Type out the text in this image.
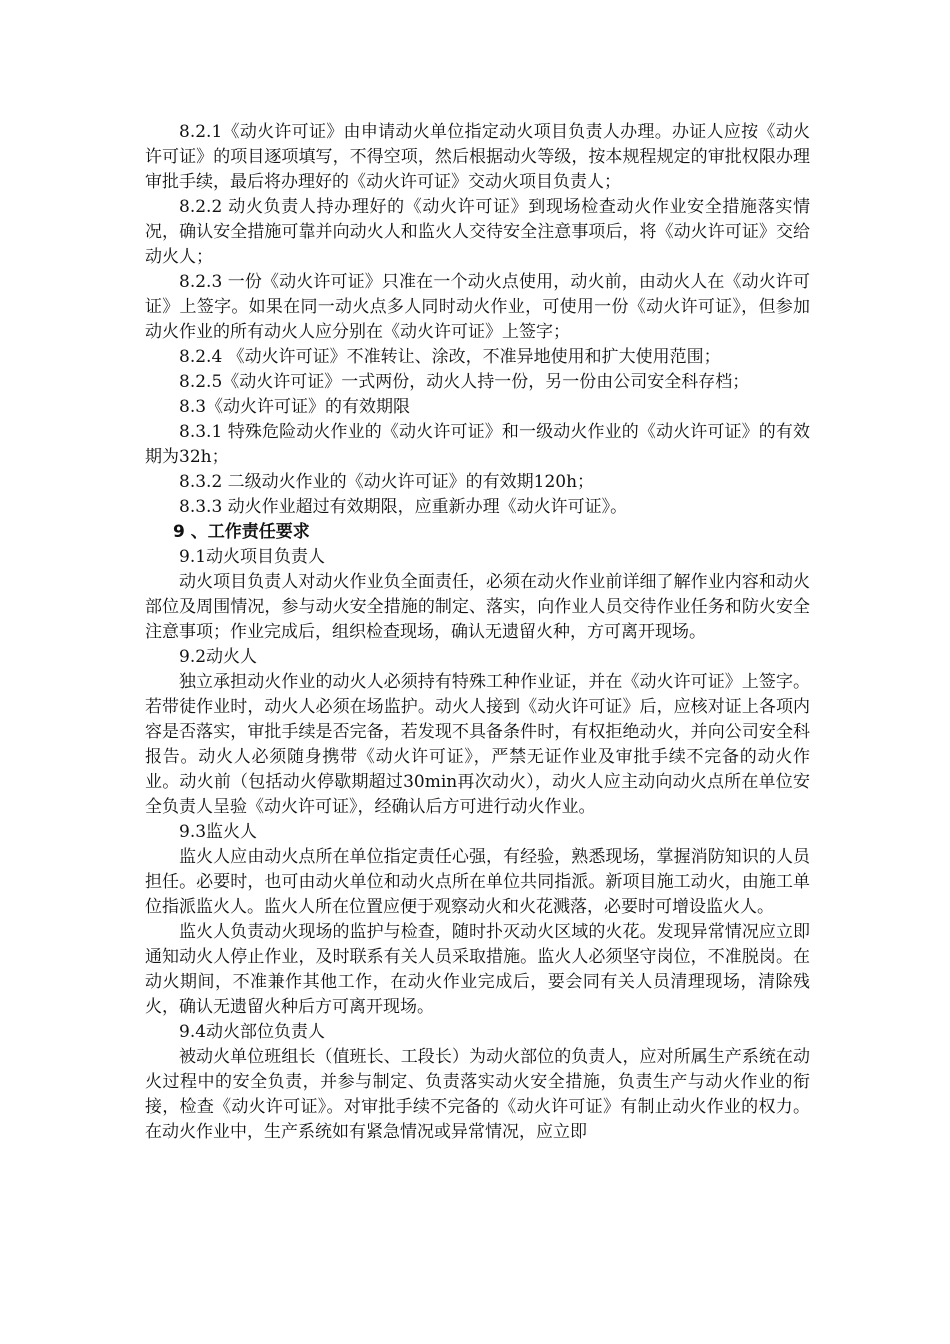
8.2.1《动火许可证》由申请动火单位指定动火项目负责人办理。办证人应按《动火许可证》的项目逐项填写，不得空项，然后根据动火等级，按本规程规定的审批权限办理审批手续，最后将办理好的《动火许可证》交动火项目负责人；

8.2.2 动火负责人持办理好的《动火许可证》到现场检查动火作业安全措施落实情况，确认安全措施可靠并向动火人和监火人交待安全注意事项后，将《动火许可证》交给动火人；

8.2.3 一份《动火许可证》只准在一个动火点使用，动火前，由动火人在《动火许可证》上签字。如果在同一动火点多人同时动火作业，可使用一份《动火许可证》，但参加动火作业的所有动火人应分别在《动火许可证》上签字；

8.2.4 《动火许可证》不准转让、涂改，不准异地使用和扩大使用范围；

8.2.5《动火许可证》一式两份，动火人持一份，另一份由公司安全科存档；

8.3《动火许可证》的有效期限

8.3.1 特殊危险动火作业的《动火许可证》和一级动火作业的《动火许可证》的有效期为32h；

8.3.2 二级动火作业的《动火许可证》的有效期120h；

8.3.3 动火作业超过有效期限，应重新办理《动火许可证》。

9 、工作责任要求

9.1动火项目负责人

动火项目负责人对动火作业负全面责任，必须在动火作业前详细了解作业内容和动火部位及周围情况，参与动火安全措施的制定、落实，向作业人员交待作业任务和防火安全注意事项；作业完成后，组织检查现场，确认无遗留火种，方可离开现场。

9.2动火人

独立承担动火作业的动火人必须持有特殊工种作业证，并在《动火许可证》上签字。若带徒作业时，动火人必须在场监护。动火人接到《动火许可证》后，应核对证上各项内容是否落实，审批手续是否完备，若发现不具备条件时，有权拒绝动火，并向公司安全科报告。动火人必须随身携带《动火许可证》，严禁无证作业及审批手续不完备的动火作业。动火前（包括动火停歇期超过30min再次动火），动火人应主动向动火点所在单位安全负责人呈验《动火许可证》，经确认后方可进行动火作业。

9.3监火人

监火人应由动火点所在单位指定责任心强，有经验，熟悉现场，掌握消防知识的人员担任。必要时，也可由动火单位和动火点所在单位共同指派。新项目施工动火，由施工单位指派监火人。监火人所在位置应便于观察动火和火花溅落，必要时可增设监火人。

监火人负责动火现场的监护与检查，随时扑灭动火区域的火花。发现异常情况应立即通知动火人停止作业，及时联系有关人员采取措施。监火人必须坚守岗位，不准脱岗。在动火期间，不准兼作其他工作，在动火作业完成后，要会同有关人员清理现场，清除残火，确认无遗留火种后方可离开现场。

9.4动火部位负责人

被动火单位班组长（值班长、工段长）为动火部位的负责人，应对所属生产系统在动火过程中的安全负责，并参与制定、负责落实动火安全措施，负责生产与动火作业的衔接，检查《动火许可证》。对审批手续不完备的《动火许可证》有制止动火作业的权力。在动火作业中，生产系统如有紧急情况或异常情况，应立即
